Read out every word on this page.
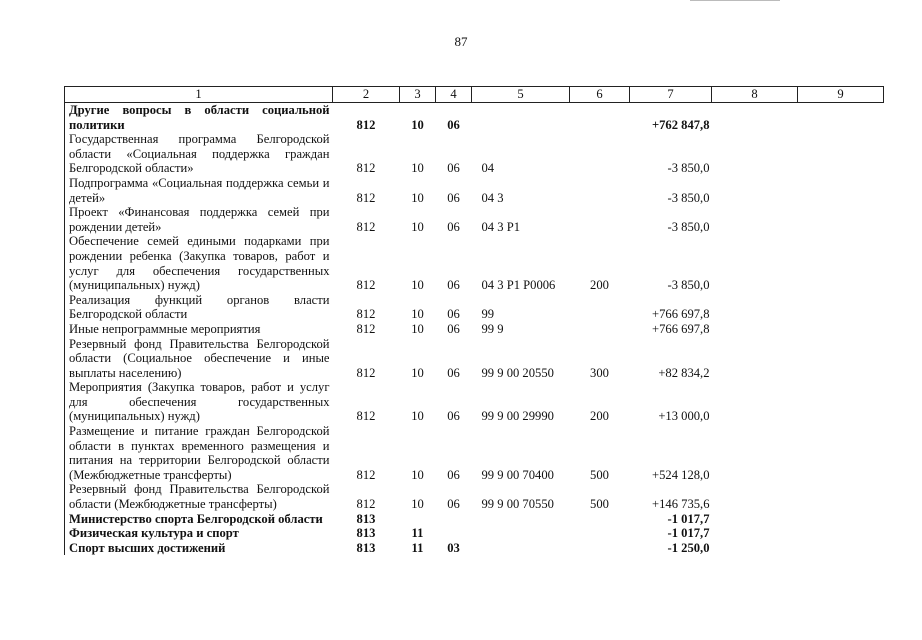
87
1	2	3	4	5	6	7	8	9
Другие вопросы в области социальной политики	812	10	06			+762 847,8		
Государственная программа Белгородской области «Социальная поддержка граждан Белгородской области»	812	10	06	04		-3 850,0		
Подпрограмма «Социальная поддержка семьи и детей»	812	10	06	04 3		-3 850,0		
Проект «Финансовая поддержка семей при рождении детей»	812	10	06	04 3 P1		-3 850,0		
Обеспечение семей едиными подарками при рождении ребенка (Закупка товаров, работ и услуг для обеспечения государственных (муниципальных) нужд)	812	10	06	04 3 P1 P0006	200	-3 850,0		
Реализация функций органов власти Белгородской области	812	10	06	99		+766 697,8		
Иные непрограммные мероприятия	812	10	06	99 9		+766 697,8		
Резервный фонд Правительства Белгородской области (Социальное обеспечение и иные выплаты населению)	812	10	06	99 9 00 20550	300	+82 834,2		
Мероприятия (Закупка товаров, работ и услуг для обеспечения государственных (муниципальных) нужд)	812	10	06	99 9 00 29990	200	+13 000,0		
Размещение и питание граждан Белгородской области в пунктах временного размещения и питания на территории Белгородской области (Межбюджетные трансферты)	812	10	06	99 9 00 70400	500	+524 128,0		
Резервный фонд Правительства Белгородской области (Межбюджетные трансферты)	812	10	06	99 9 00 70550	500	+146 735,6		
Министерство спорта Белгородской области	813					-1 017,7		
Физическая культура и спорт	813	11				-1 017,7		
Спорт высших достижений	813	11	03			-1 250,0		
